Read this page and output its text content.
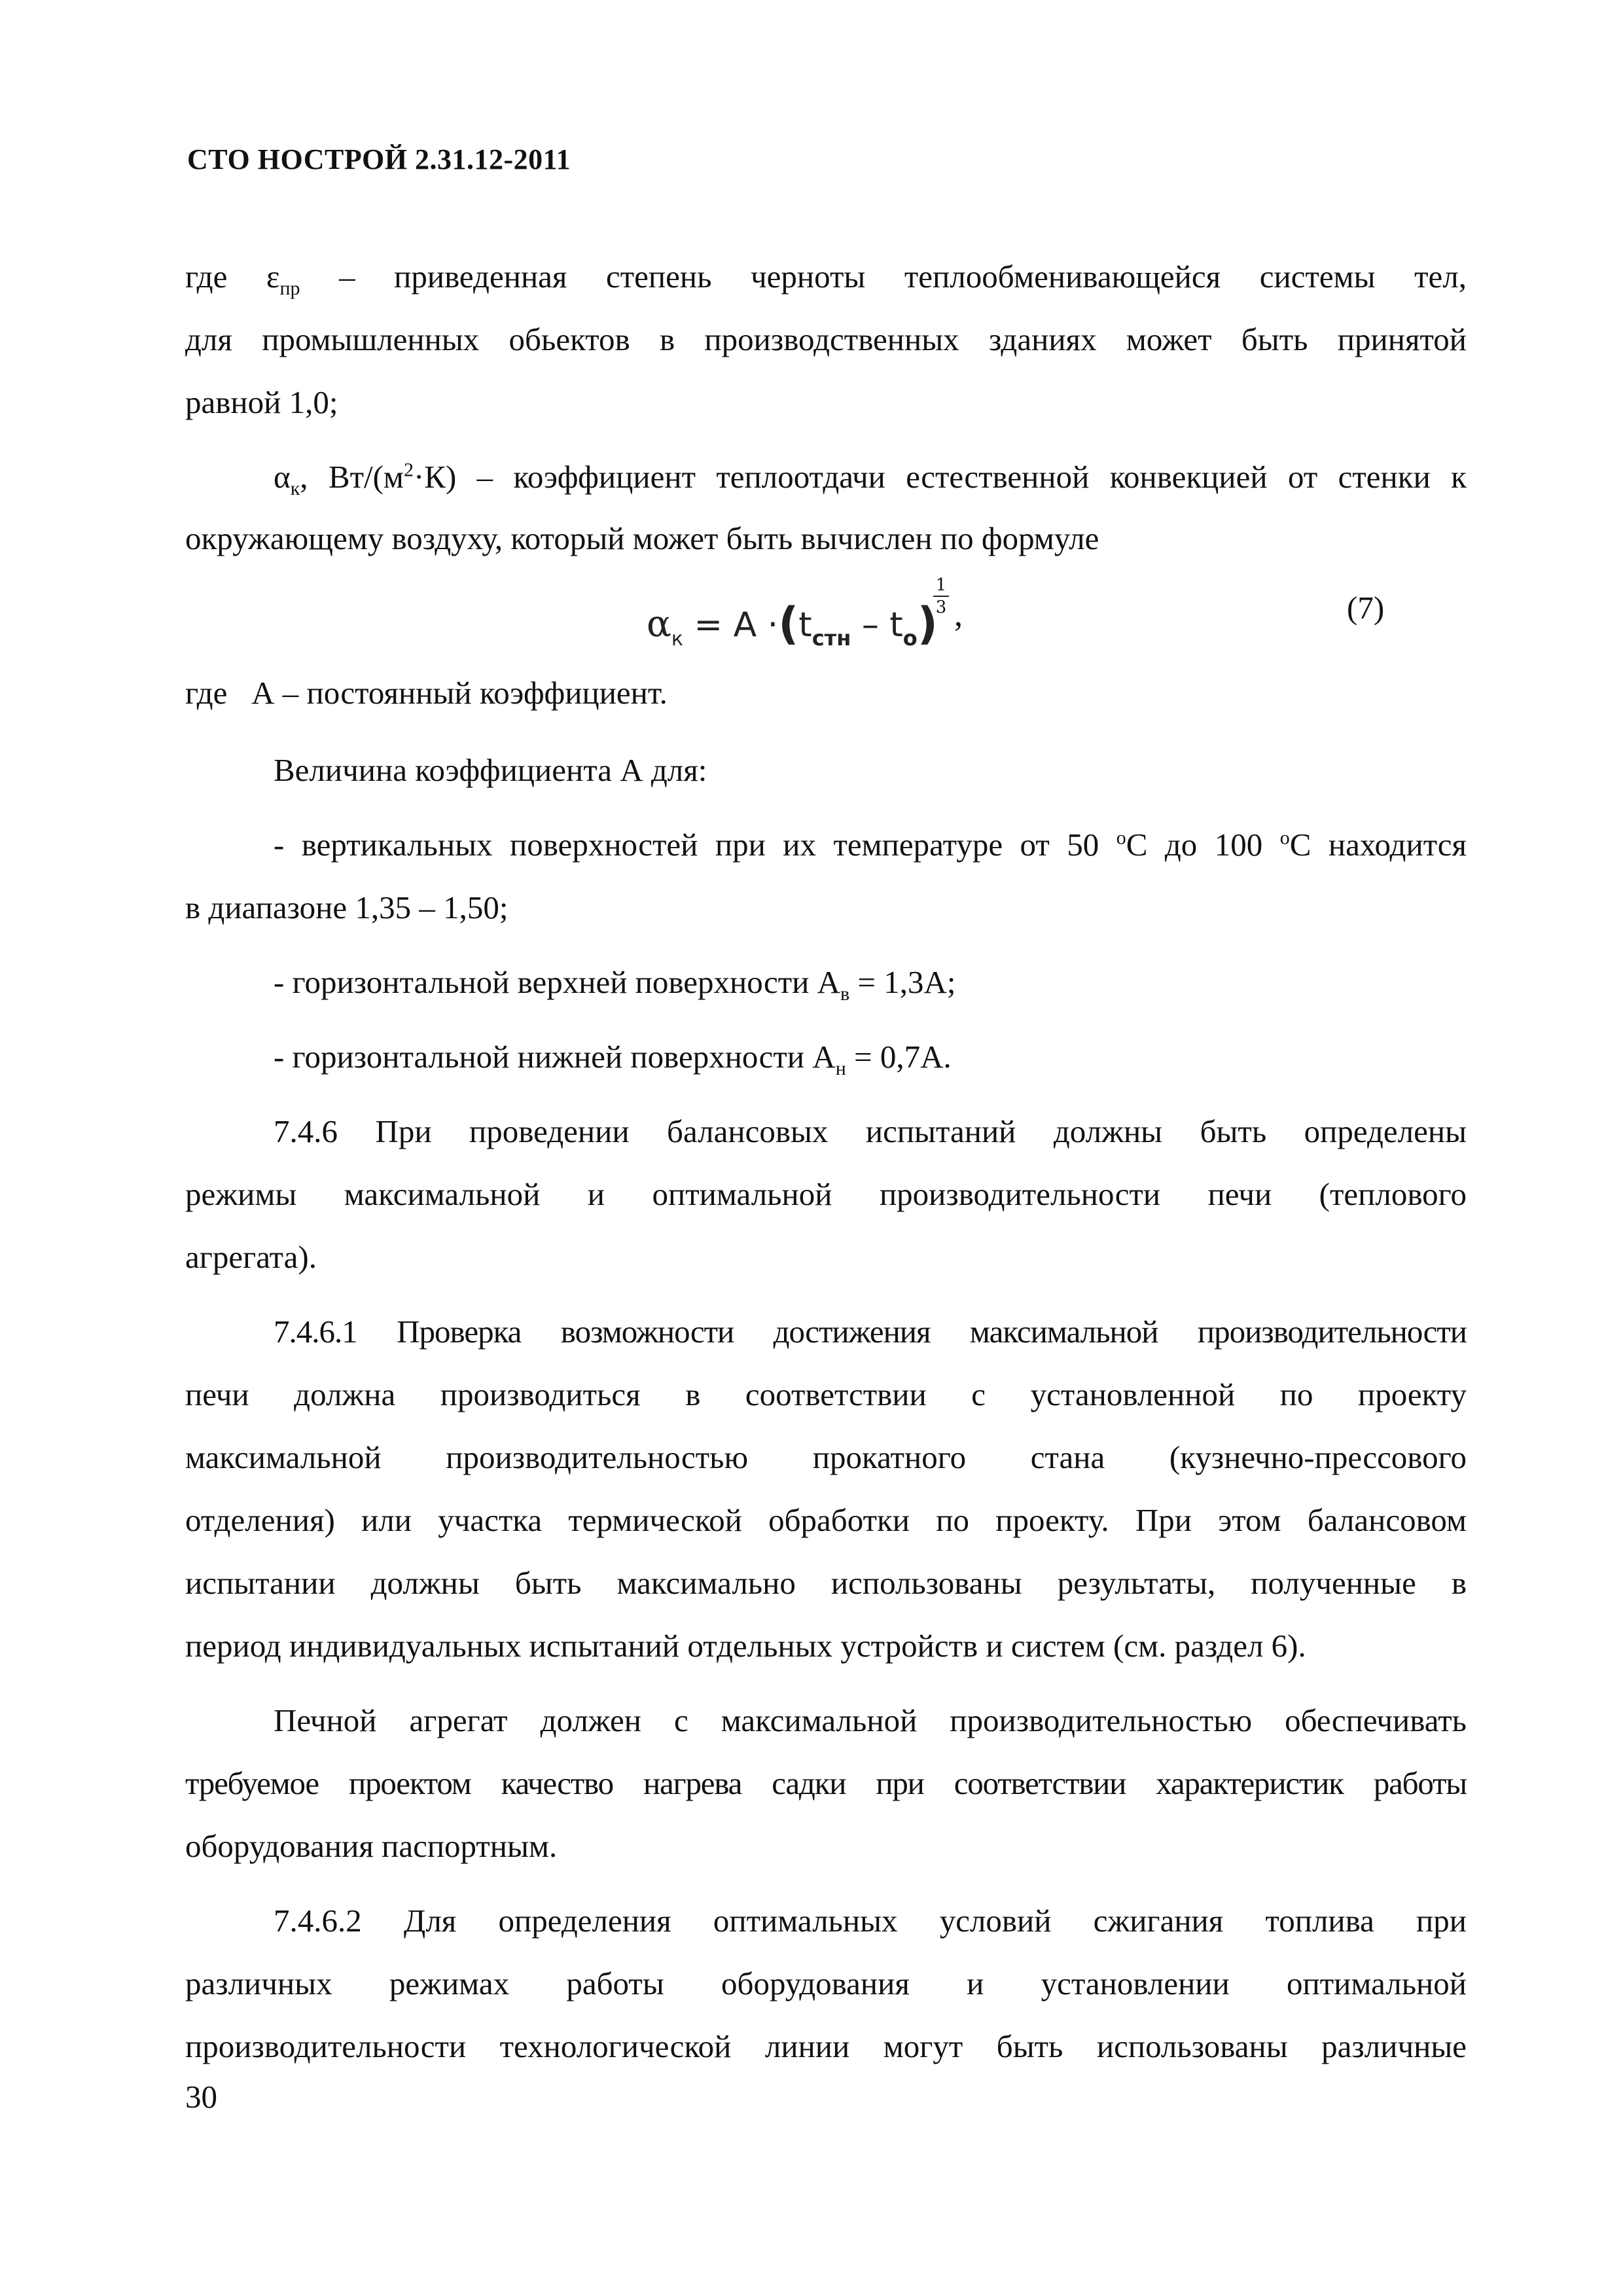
СТО НОСТРОЙ 2.31.12-2011
где $\varepsilon_{пр}$ – приведенная степень черноты теплообменивающейся системы тел,
для промышленных обьектов в производственных зданиях может быть принятой
равной 1,0;
$\alpha_к$, $Вт/(м^2\cdot К)$ – коэффициент теплоотдачи естественной конвекцией от стенки к
окружающему воздуху, который может быть вычислен по формуле
$\alpha_к = A \cdot(t_{стн} - t_о)$
1
3 ,	(7)
где   А – постоянный коэффициент.
Величина коэффициента А для:
- вертикальных поверхностей при их температуре от 50 $^о$С до 100 $^о$С находится
в диапазоне 1,35 – 1,50;
- горизонтальной верхней поверхности $А_в = 1,3А$;
- горизонтальной нижней поверхности $А_н = 0,7А$.
7.4.6 При проведении балансовых испытаний должны быть определены
режимы максимальной и оптимальной производительности печи (теплового
агрегата).
7.4.6.1 Проверка возможности достижения максимальной производительности
печи должна производиться в соответствии с установленной по проекту
максимальной производительностью прокатного стана (кузнечно-прессового
отделения) или участка термической обработки по проекту. При этом балансовом
испытании должны быть максимально использованы результаты, полученные в
период индивидуальных испытаний отдельных устройств и систем (см. раздел 6).
Печной агрегат должен с максимальной производительностью обеспечивать
требуемое проектом качество нагрева садки при соответствии характеристик работы
оборудования паспортным.
7.4.6.2 Для определения оптимальных условий сжигания топлива при
различных режимах работы оборудования и установлении оптимальной
производительности технологической линии могут быть использованы различные
30
